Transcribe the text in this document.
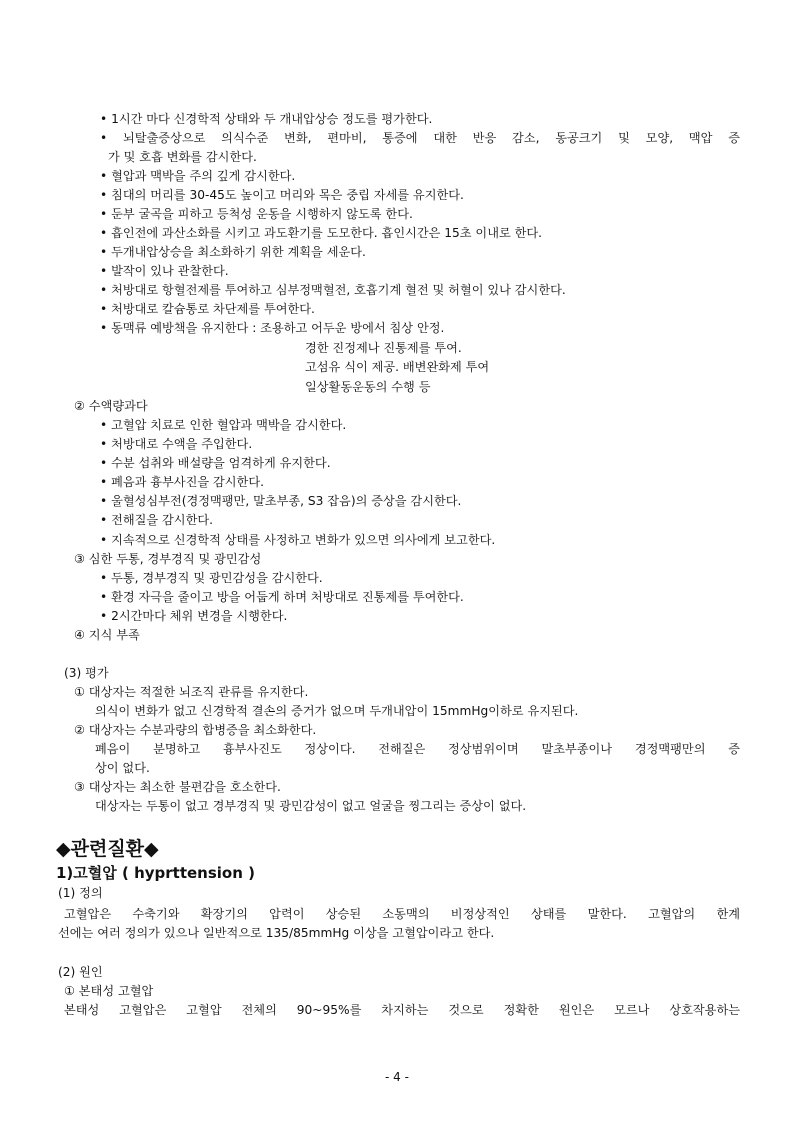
• 1시간 마다 신경학적 상태와 두 개내압상승 정도를 평가한다.
• 뇌탈출증상으로 의식수준 변화, 편마비, 통증에 대한 반응 감소, 동공크기 및 모양, 맥압 증
가 및 호흡 변화를 감시한다.
• 혈압과 맥박을 주의 깊게 감시한다.
• 침대의 머리를 30-45도 높이고 머리와 목은 중립 자세를 유지한다.
• 둔부 굴곡을 피하고 등척성 운동을 시행하지 않도록 한다.
• 흡인전에 과산소화를 시키고 과도환기를 도모한다. 흡인시간은 15초 이내로 한다.
• 두개내압상승을 최소화하기 위한 계획을 세운다.
• 발작이 있나 관찰한다.
• 처방대로 항혈전제를 투여하고 심부정맥혈전, 호흡기계 혈전 및 허혈이 있나 감시한다.
• 처방대로 칼슘통로 차단제를 투여한다.
• 동맥류 예방책을 유지한다 : 조용하고 어두운 방에서 침상 안정.
경한 진정제나 진통제를 투여.
고섬유 식이 제공. 배변완화제 투여
일상활동운동의 수행 등
② 수액량과다
• 고혈압 치료로 인한 혈압과 맥박을 감시한다.
• 처방대로 수액을 주입한다.
• 수분 섭취와 배설량을 엄격하게 유지한다.
• 폐음과 흉부사진을 감시한다.
• 울혈성심부전(경정맥팽만, 말초부종, S3 잡음)의 증상을 감시한다.
• 전해질을 감시한다.
• 지속적으로 신경학적 상태를 사정하고 변화가 있으면 의사에게 보고한다.
③ 심한 두통, 경부경직 및 광민감성
• 두통, 경부경직 및 광민감성을 감시한다.
• 환경 자극을 줄이고 방을 어둡게 하며 처방대로 진통제를 투여한다.
• 2시간마다 체위 변경을 시행한다.
④ 지식 부족
(3) 평가
① 대상자는 적절한 뇌조직 관류를 유지한다.
의식이 변화가 없고 신경학적 결손의 증거가 없으며 두개내압이 15mmHg이하로 유지된다.
② 대상자는 수분과량의 합병증을 최소화한다.
폐음이 분명하고 흉부사진도 정상이다. 전해질은 정상범위이며 말초부종이나 경정맥팽만의 증
상이 없다.
③ 대상자는 최소한 불편감을 호소한다.
대상자는 두통이 없고 경부경직 및 광민감성이 없고 얼굴을 찡그리는 증상이 없다.
◆관련질환◆
1)고혈압 ( hyprttension )
(1) 정의
고혈압은 수축기와 확장기의 압력이 상승된 소동맥의 비정상적인 상태를 말한다. 고혈압의 한계
선에는 여러 정의가 있으나 일반적으로 135/85mmHg 이상을 고혈압이라고 한다.
(2) 원인
① 본태성 고혈압
본태성 고혈압은 고혈압 전체의 90~95%를 차지하는 것으로 정확한 원인은 모르나 상호작용하는
- 4 -
